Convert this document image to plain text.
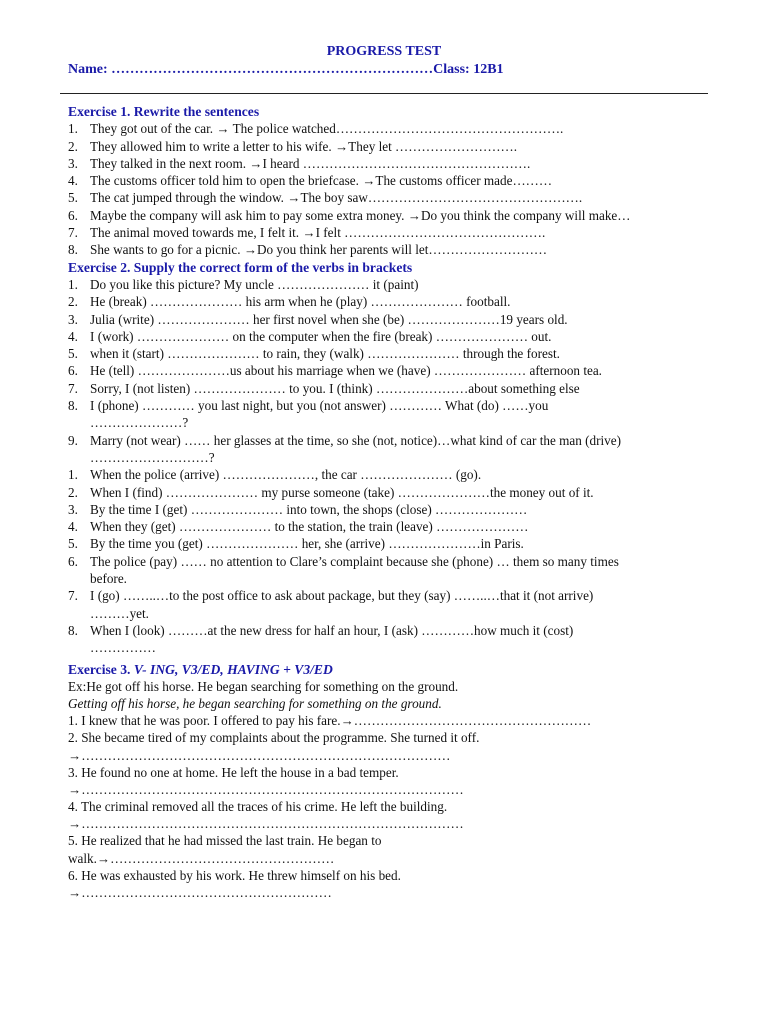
PROGRESS TEST
Name: ……………………………………………………………Class: 12B1
Exercise 1. Rewrite the sentences
1. They got out of the car. → The police watched…………………………………………….
2. They allowed him to write a letter to his wife. →They let ……………………….
3. They talked in the next room. →I heard …………………………………………….
4. The customs officer told him to open the briefcase. →The customs officer made………
5. The cat jumped through the window. →The boy saw………………………………………….
6. Maybe the company will ask him to pay some extra money. →Do you think the company will make…
7. The animal moved towards me, I felt it. →I felt ……………………………………….
8. She wants to go for a picnic. →Do you think her parents will let………………………
Exercise 2. Supply the correct form of the verbs in brackets
1. Do you like this picture? My uncle ………………… it (paint)
2. He (break) ………………… his arm when he (play) ………………… football.
3. Julia (write) ………………… her first novel when she (be) …………………19 years old.
4. I (work) ………………… on the computer when the fire (break) ………………… out.
5. when it (start) ………………… to rain, they (walk) ………………… through the forest.
6. He (tell) …………………us about his marriage when we (have) ………………… afternoon tea.
7. Sorry, I (not listen) ………………… to you. I (think) …………………about something else
8. I (phone) ………… you last night, but you (not answer) ………… What (do) ……you
…………………?
9. Marry (not wear) …… her glasses at the time, so she (not, notice)…what kind of car the man (drive)
………………………?
1. When the police (arrive) …………………, the car ………………… (go).
2. When I (find) ………………… my purse someone (take) …………………the money out of it.
3. By the time I (get) ………………… into town, the shops (close) …………………
4. When they (get) ………………… to the station, the train (leave) …………………
5. By the time you (get) ………………… her, she (arrive) …………………in Paris.
6. The police (pay) …… no attention to Clare’s complaint because she (phone) … them so many times
before.
7. I (go) ……..…to the post office to ask about package, but they (say) ……..…that it (not arrive)
………yet.
8. When I (look) ………at the new dress for half an hour, I (ask) …………how much it (cost)
……………
Exercise 3. V- ING, V3/ED, HAVING + V3/ED
Ex:He got off his horse. He began searching for something on the ground.
Getting off his horse, he began searching for something on the ground.
1. I knew that he was poor. I offered to pay his fare.→………………………………………………
2. She became tired of my complaints about the programme. She turned it off.
→…………………………………………………………………………
3. He found no one at home. He left the house in a bad temper.
→……………………………………………………………………………
4. The criminal removed all the traces of his crime. He left the building.
→……………………………………………………………………………
5. He realized that he had missed the last train. He began to
walk.→……………………………………………
6. He was exhausted by his work. He threw himself on his bed.
→…………………………………………………
